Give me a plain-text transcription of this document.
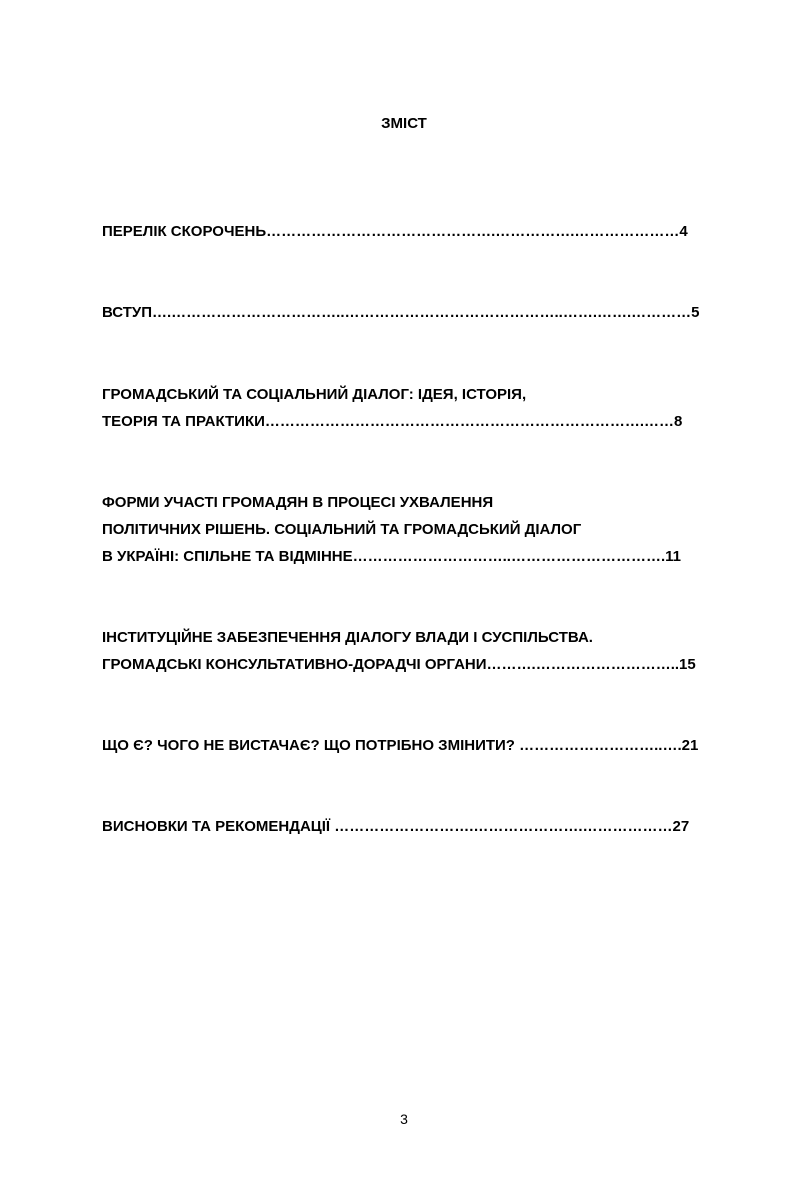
ЗМІСТ
ПЕРЕЛІК СКОРОЧЕНЬ……………………………………….…………….…………………4
ВСТУП….……………………………..……………………………………..…….…….…………5
ГРОМАДСЬКИЙ ТА СОЦІАЛЬНИЙ ДІАЛОГ: ІДЕЯ, ІСТОРІЯ,
ТЕОРІЯ ТА ПРАКТИКИ………………………………………………………………….……8
ФОРМИ УЧАСТІ ГРОМАДЯН В ПРОЦЕСІ УХВАЛЕННЯ
ПОЛІТИЧНИХ РІШЕНЬ. СОЦІАЛЬНИЙ ТА ГРОМАДСЬКИЙ ДІАЛОГ
В УКРАЇНІ: СПІЛЬНЕ ТА ВІДМІННЕ…………………………..………………………….11
ІНСТИТУЦІЙНЕ ЗАБЕЗПЕЧЕННЯ ДІАЛОГУ ВЛАДИ І СУСПІЛЬСТВА.
ГРОМАДСЬКІ КОНСУЛЬТАТИВНО-ДОРАДЧІ ОРГАНИ……….………………………..15
ЩО Є? ЧОГО НЕ ВИСТАЧАЄ? ЩО ПОТРІБНО ЗМІНИТИ? ………………………..….21
ВИСНОВКИ ТА РЕКОМЕНДАЦІЇ ……………………….………………….………………27
3
